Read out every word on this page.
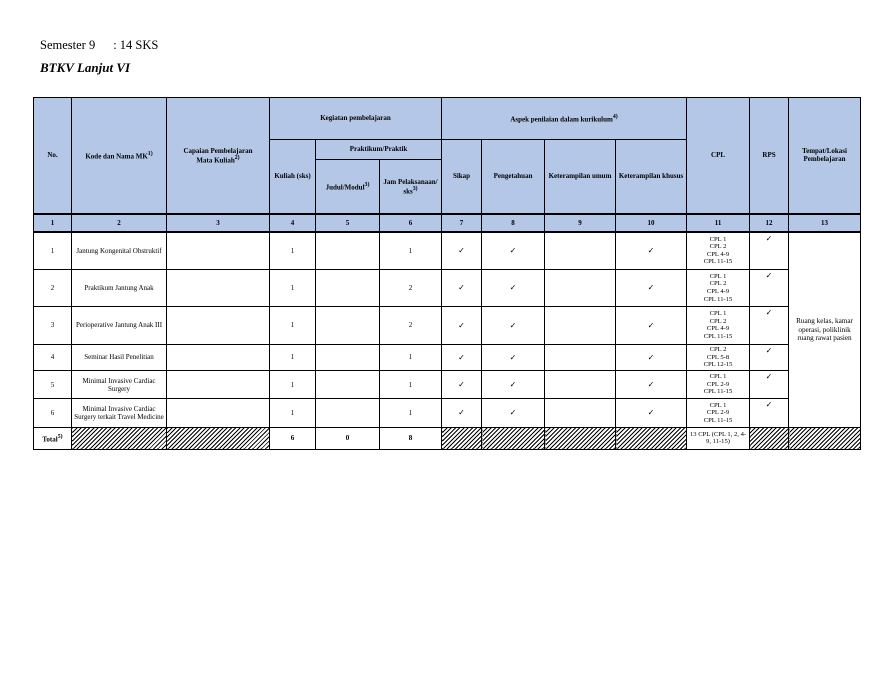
Semester 9 : 14 SKS
BTKV Lanjut VI
No.	Kode dan Nama MK$^{1)}$	Capaian Pembelajaran
Mata Kuliah$^{2)}$	Kegiatan pembelajaran			Aspek penilaian dalam kurikulum$^{4)}$				CPL	RPS	Tempat/Lokasi Pembelajaran
			Kuliah (sks)	Praktikum/Praktik		Sikap	Pengetahuan	Keterampilan umum	Keterampilan khusus			
				Judul/Modul$^{3)}$	Jam Pelaksanaan/ sks$^{3)}$
1	2	3	4	5	6	7	8	9	10	11	12	13
1	Jantung Kongenital Obstruktif		1		1	✓	✓		✓	CPL 1
CPL 2
CPL 4-9
CPL 11-15	✓	Ruang kelas, kamar operasi, poliklinik ruang rawat pasien
2	Praktikum Jantung Anak		1		2	✓	✓		✓	CPL 1
CPL 2
CPL 4-9
CPL 11-15	✓	
3	Perioperative Jantung Anak III		1		2	✓	✓		✓	CPL 1
CPL 2
CPL 4-9
CPL 11-15	✓	
4	Seminar Hasil Penelitian		1		1	✓	✓		✓	CPL 2
CPL 5-8
CPL 12-15	✓	
5	Minimal Invasive Cardiac Surgery		1		1	✓	✓		✓	CPL 1
CPL 2-9
CPL 11-15	✓	
6	Minimal Invasive Cardiac Surgery terkait Travel Medicine		1		1	✓	✓		✓	CPL 1
CPL 2-9
CPL 11-15	✓	
Total$^{5)}$			6	0	8					13 CPL (CPL 1, 2, 4-9, 11-15)		
